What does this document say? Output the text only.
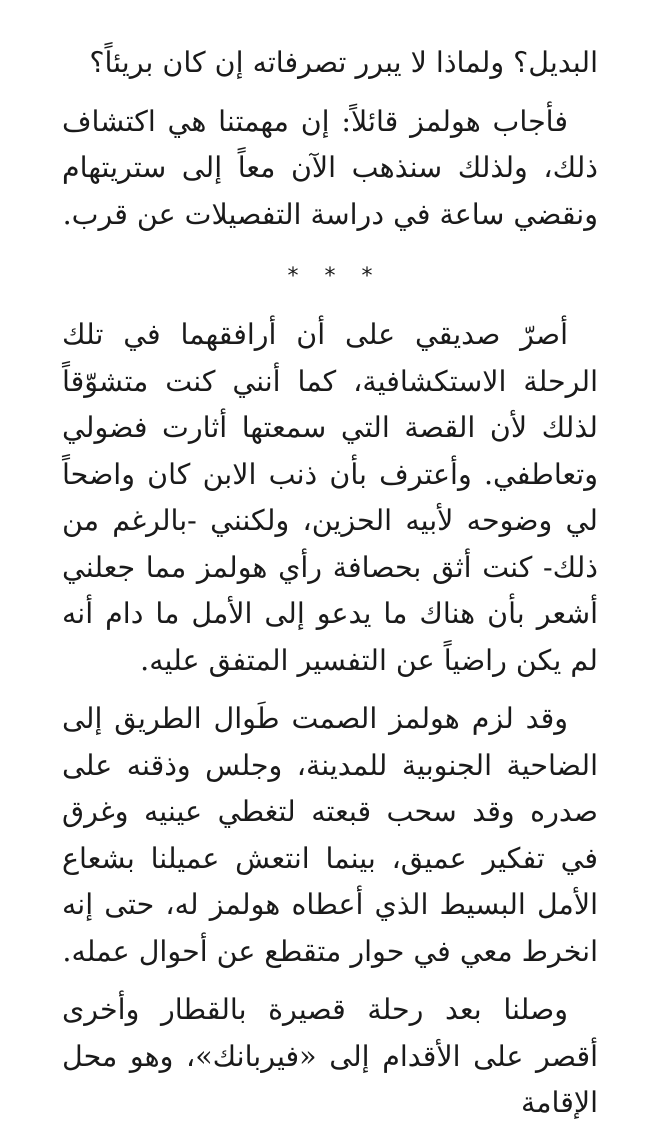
البديل؟ ولماذا لا يبرر تصرفاته إن كان بريئاً؟

فأجاب هولمز قائلاً: إن مهمتنا هي اكتشاف ذلك، ولذلك سنذهب الآن معاً إلى ستريتهام ونقضي ساعة في دراسة التفصيلات عن قرب.

* * *

أصرّ صديقي على أن أرافقهما في تلك الرحلة الاستكشافية، كما أنني كنت متشوّقاً لذلك لأن القصة التي سمعتها أثارت فضولي وتعاطفي. وأعترف بأن ذنب الابن كان واضحاً لي وضوحه لأبيه الحزين، ولكنني -بالرغم من ذلك- كنت أثق بحصافة رأي هولمز مما جعلني أشعر بأن هناك ما يدعو إلى الأمل ما دام أنه لم يكن راضياً عن التفسير المتفق عليه.

وقد لزم هولمز الصمت طَوال الطريق إلى الضاحية الجنوبية للمدينة، وجلس وذقنه على صدره وقد سحب قبعته لتغطي عينيه وغرق في تفكير عميق، بينما انتعش عميلنا بشعاع الأمل البسيط الذي أعطاه هولمز له، حتى إنه انخرط معي في حوار متقطع عن أحوال عمله.

وصلنا بعد رحلة قصيرة بالقطار وأخرى أقصر على الأقدام إلى «فيربانك»، وهو محل الإقامة
